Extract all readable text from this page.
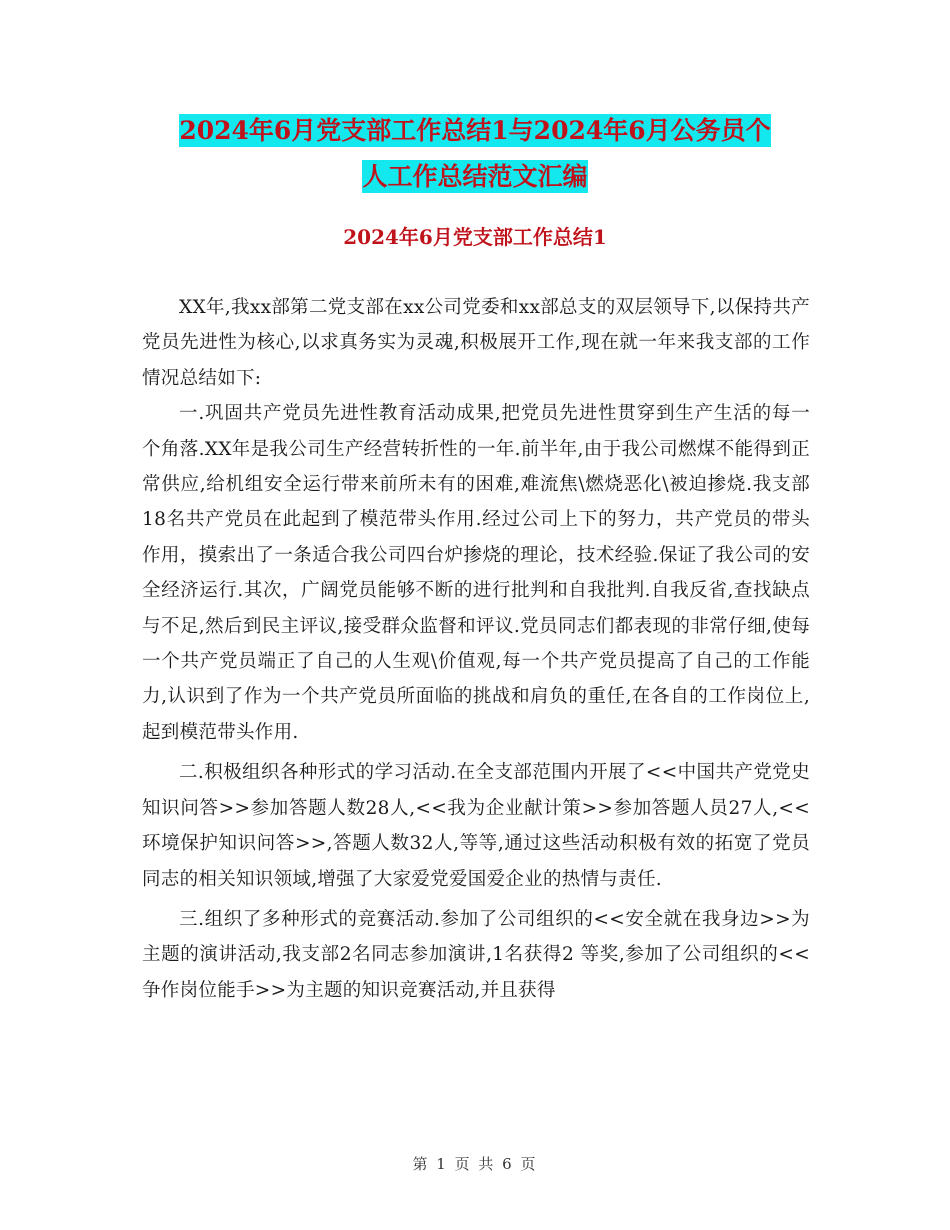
2024年6月党支部工作总结1与2024年6月公务员个
人工作总结范文汇编
2024年6月党支部工作总结1

XX年,我xx部第二党支部在xx公司党委和xx部总支的双层领导下,以保持共产党员先进性为核心,以求真务实为灵魂,积极展开工作,现在就一年来我支部的工作情况总结如下:

一.巩固共产党员先进性教育活动成果,把党员先进性贯穿到生产生活的每一个角落.XX年是我公司生产经营转折性的一年.前半年,由于我公司燃煤不能得到正常供应,给机组安全运行带来前所未有的困难,难流焦\燃烧恶化\被迫掺烧.我支部18名共产党员在此起到了模范带头作用.经过公司上下的努力，共产党员的带头作用，摸索出了一条适合我公司四台炉掺烧的理论，技术经验.保证了我公司的安全经济运行.其次，广阔党员能够不断的进行批判和自我批判.自我反省,查找缺点与不足,然后到民主评议,接受群众监督和评议.党员同志们都表现的非常仔细,使每一个共产党员端正了自己的人生观\价值观,每一个共产党员提高了自己的工作能力,认识到了作为一个共产党员所面临的挑战和肩负的重任,在各自的工作岗位上,起到模范带头作用.

二.积极组织各种形式的学习活动.在全支部范围内开展了<<中国共产党党史知识问答>>参加答题人数28人,<<我为企业献计策>>参加答题人员27人,<<环境保护知识问答>>,答题人数32人,等等,通过这些活动积极有效的拓宽了党员同志的相关知识领域,增强了大家爱党爱国爱企业的热情与责任.

三.组织了多种形式的竞赛活动.参加了公司组织的<<安全就在我身边>>为主题的演讲活动,我支部2名同志参加演讲,1名获得2 等奖,参加了公司组织的<<争作岗位能手>>为主题的知识竞赛活动,并且获得

第 1 页 共 6 页
